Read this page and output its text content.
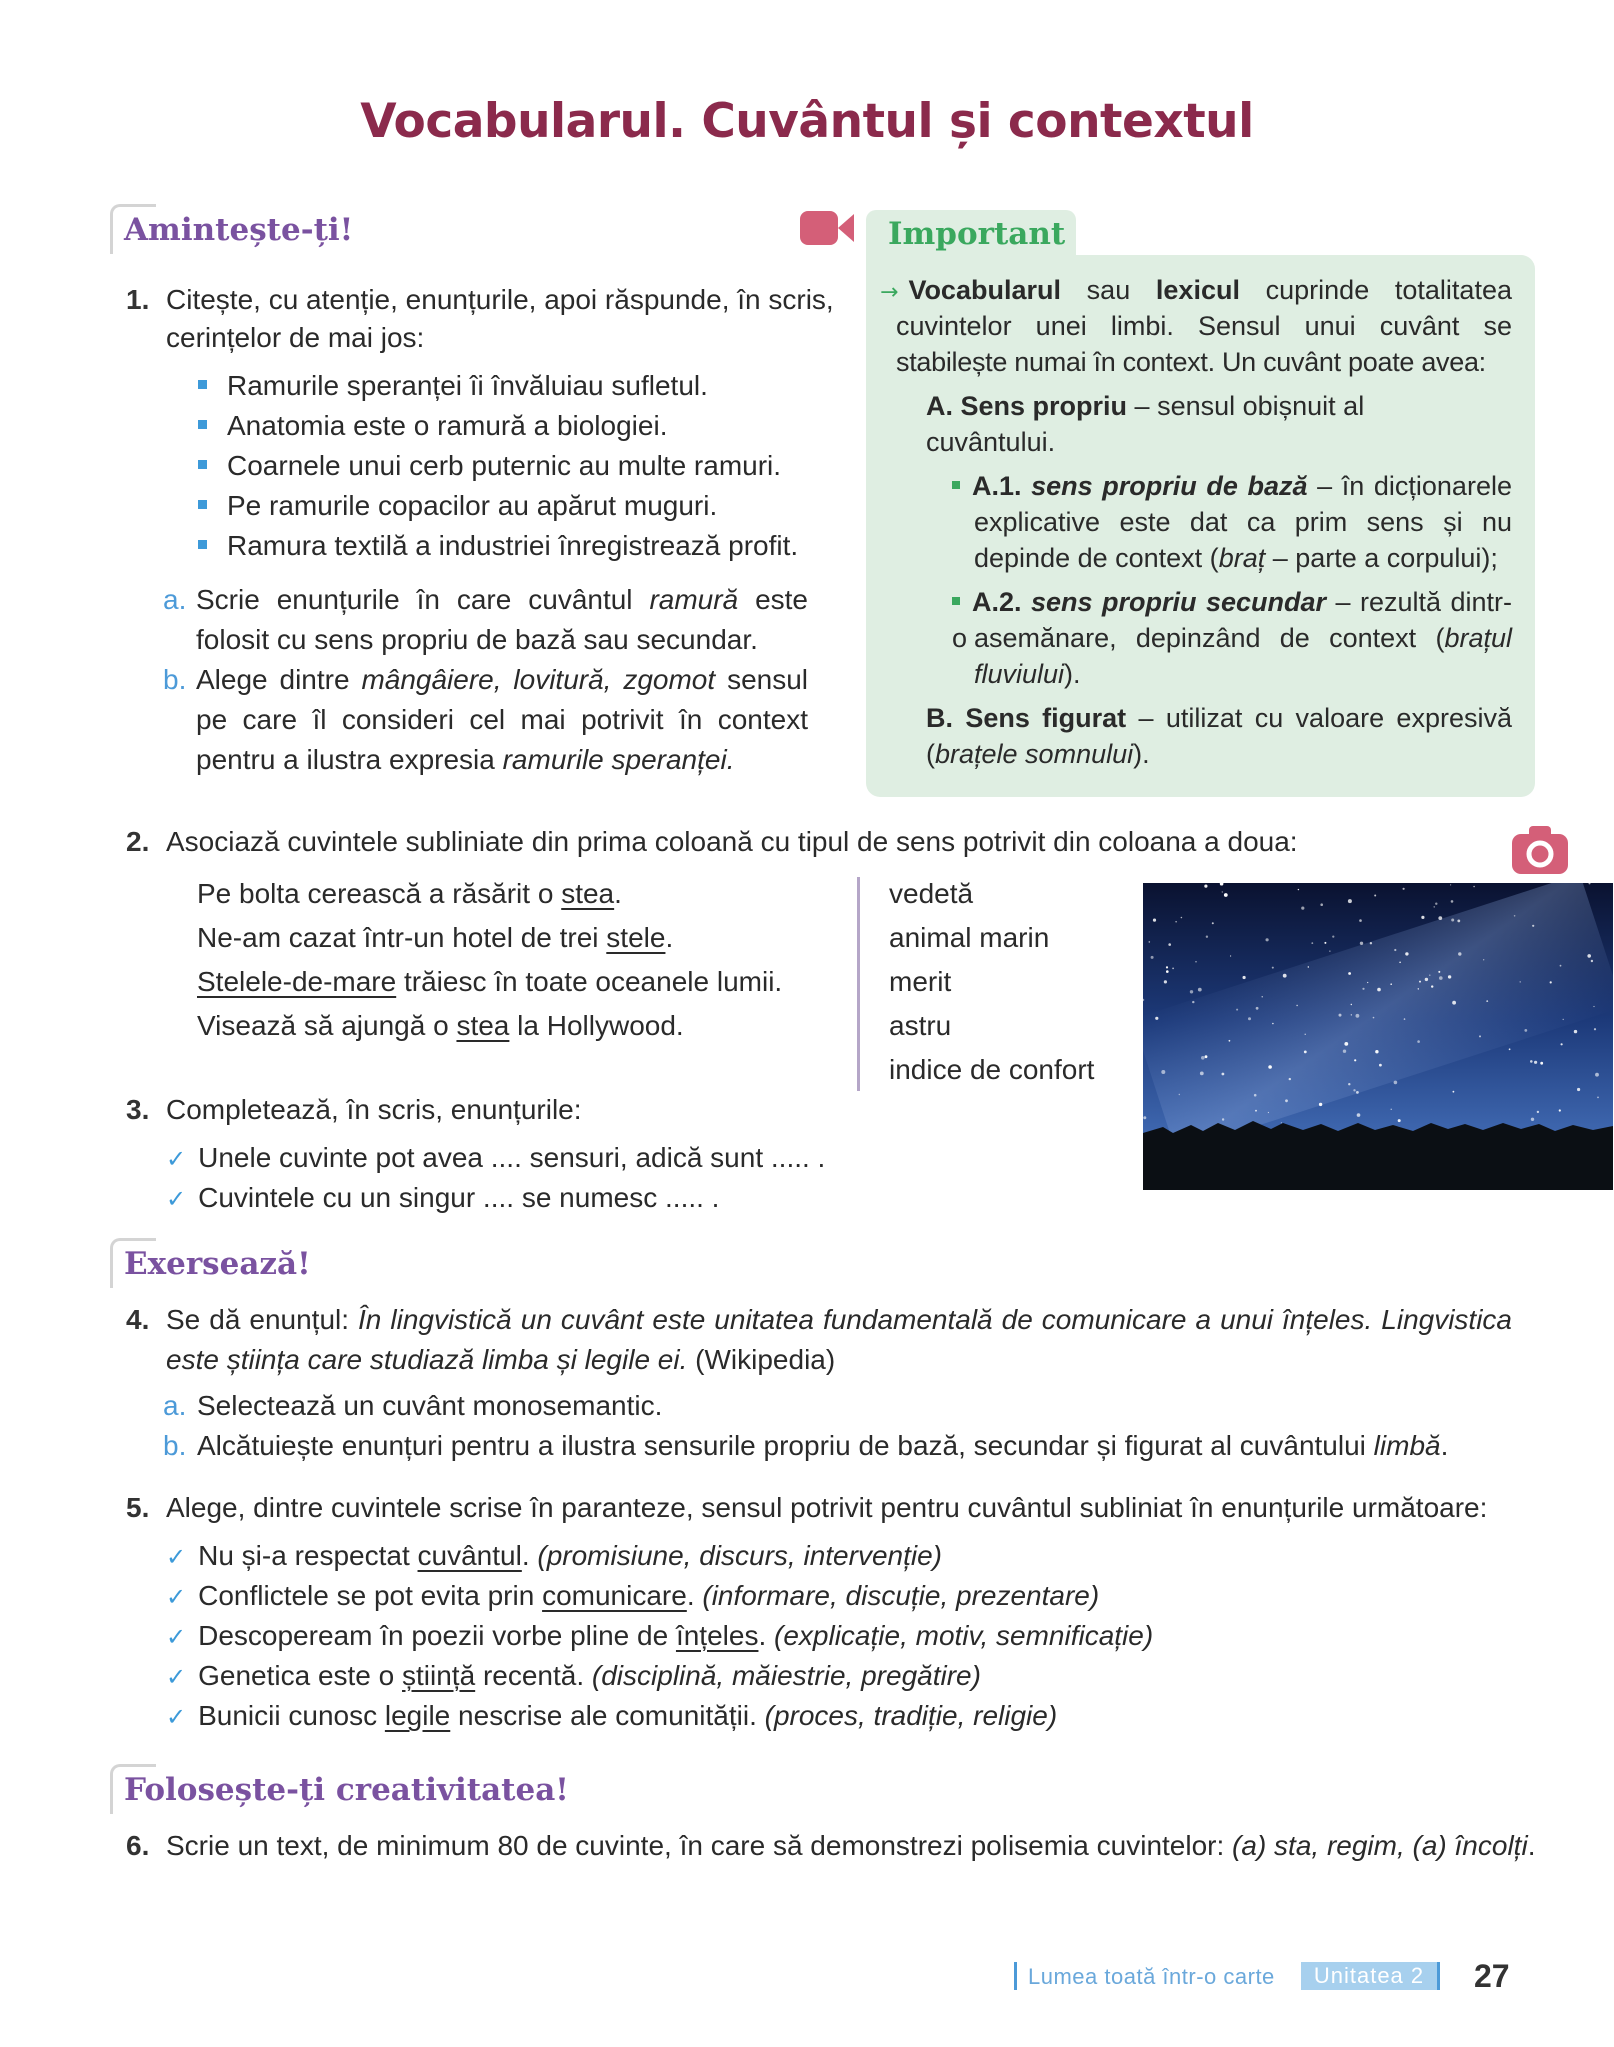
Vocabularul. Cuvântul și contextul
Amintește-ți!
1. Citește, cu atenție, enunțurile, apoi răspunde, în scris,
cerințelor de mai jos:
Ramurile speranței îi învăluiau sufletul.
Anatomia este o ramură a biologiei.
Coarnele unui cerb puternic au multe ramuri.
Pe ramurile copacilor au apărut muguri.
Ramura textilă a industriei înregistrează profit.
a. Scrie enunțurile în care cuvântul ramură este
folosit cu sens propriu de bază sau secundar.
b. Alege dintre mângâiere, lovitură, zgomot sensul
pe care îl consideri cel mai potrivit în context
pentru a ilustra expresia ramurile speranței.
Important
→ Vocabularul sau lexicul cuprinde totalitatea
cuvintelor unei limbi. Sensul unui cuvânt se
stabilește numai în context. Un cuvânt poate avea:
A. Sens propriu – sensul obișnuit al
cuvântului.
A.1. sens propriu de bază – în dicționarele
explicative este dat ca prim sens și nu
depinde de context (braț – parte a corpului);
A.2. sens propriu secundar – rezultă dintr-o asemănare, depinzând de context (brațul
fluviului).
B. Sens figurat – utilizat cu valoare expresivă
(brațele somnului).
2. Asociază cuvintele subliniate din prima coloană cu tipul de sens potrivit din coloana a doua:
Pe bolta cerească a răsărit o stea.
Ne-am cazat într-un hotel de trei stele.
Stelele-de-mare trăiesc în toate oceanele lumii.
Visează să ajungă o stea la Hollywood.
vedetă
animal marin
merit
astru
indice de confort
3. Completează, în scris, enunțurile:
✓ Unele cuvinte pot avea .... sensuri, adică sunt ..... .
✓ Cuvintele cu un singur .... se numesc ..... .
Exersează!
4. Se dă enunțul: În lingvistică un cuvânt este unitatea fundamentală de comunicare a unui înțeles. Lingvistica
este știința care studiază limba și legile ei. (Wikipedia)
a. Selectează un cuvânt monosemantic.
b. Alcătuiește enunțuri pentru a ilustra sensurile propriu de bază, secundar și figurat al cuvântului limbă.
5. Alege, dintre cuvintele scrise în paranteze, sensul potrivit pentru cuvântul subliniat în enunțurile următoare:
✓ Nu și-a respectat cuvântul. (promisiune, discurs, intervenție)
✓ Conflictele se pot evita prin comunicare. (informare, discuție, prezentare)
✓ Descopeream în poezii vorbe pline de înțeles. (explicație, motiv, semnificație)
✓ Genetica este o știință recentă. (disciplină, măiestrie, pregătire)
✓ Bunicii cunosc legile nescrise ale comunității. (proces, tradiție, religie)
Folosește-ți creativitatea!
6. Scrie un text, de minimum 80 de cuvinte, în care să demonstrezi polisemia cuvintelor: (a) sta, regim, (a) încolți.
Lumea toată într-o carte	Unitatea 2	27
